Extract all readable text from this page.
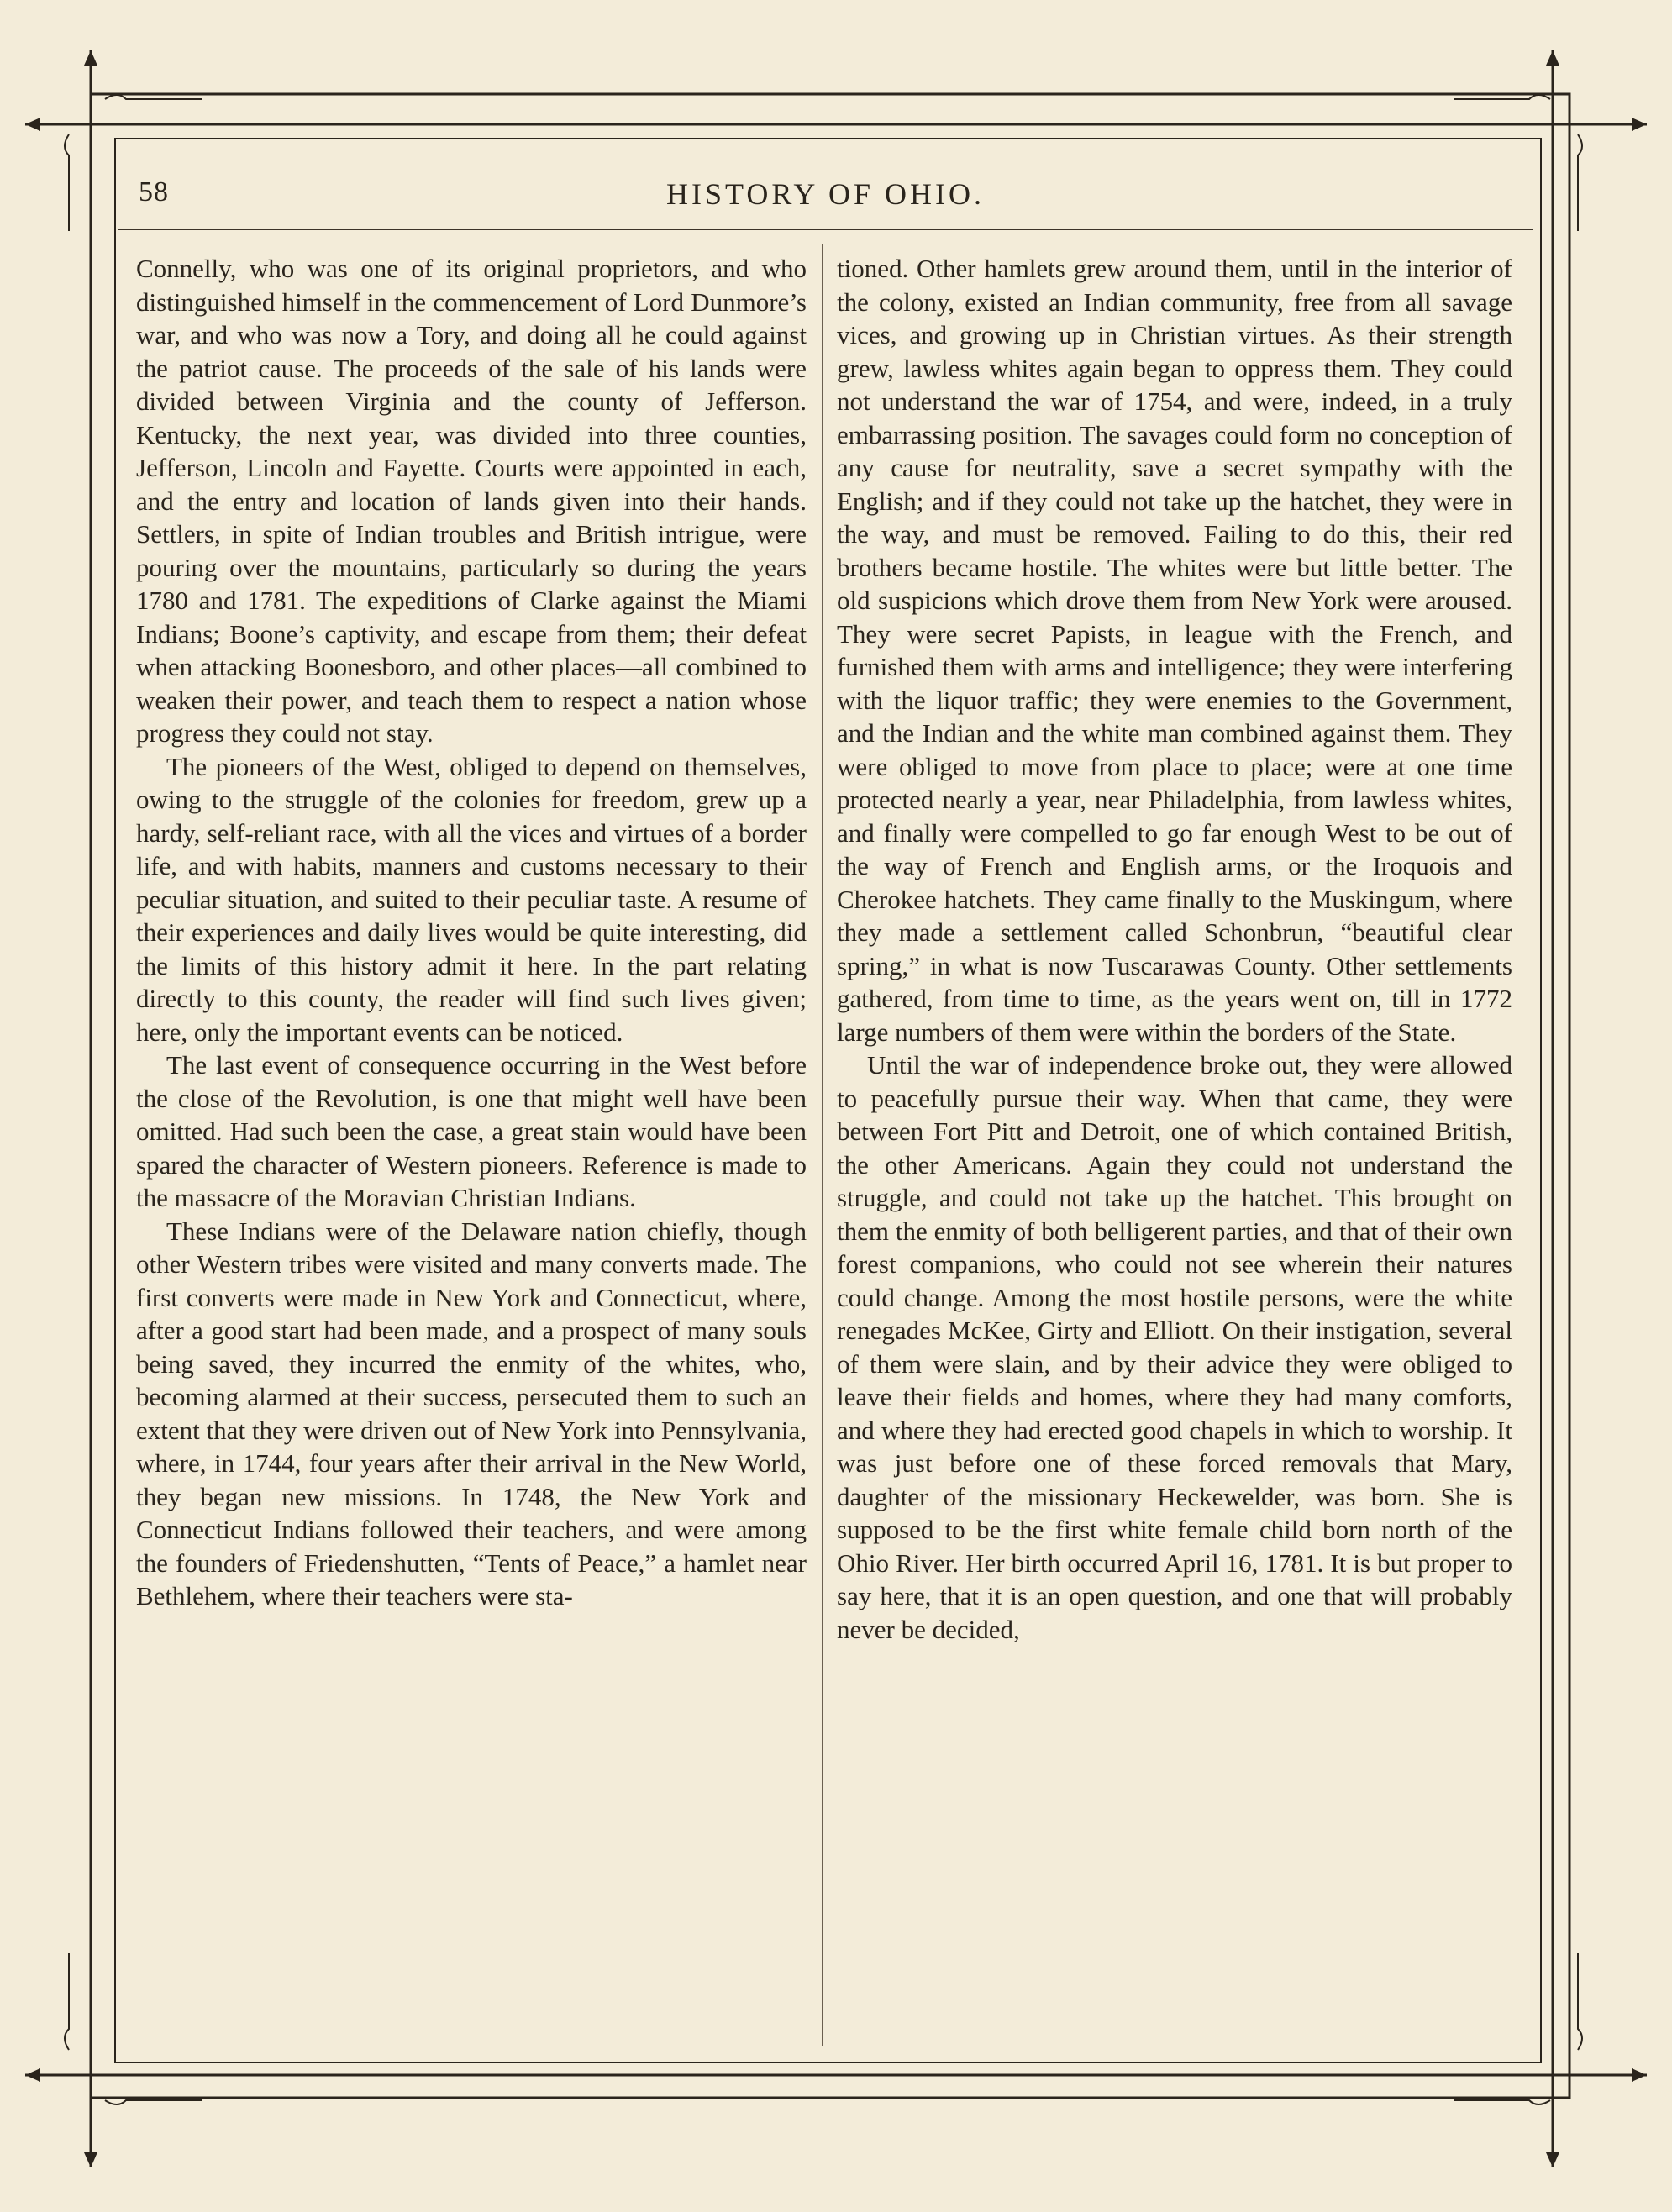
58	HISTORY OF OHIO.

Connelly, who was one of its original proprietors, and who distinguished himself in the commencement of Lord Dunmore’s war, and who was now a Tory, and doing all he could against the patriot cause. The proceeds of the sale of his lands were divided between Virginia and the county of Jefferson. Kentucky, the next year, was divided into three counties, Jefferson, Lincoln and Fayette. Courts were appointed in each, and the entry and location of lands given into their hands. Settlers, in spite of Indian troubles and British intrigue, were pouring over the mountains, particularly so during the years 1780 and 1781. The expeditions of Clarke against the Miami Indians; Boone’s captivity, and escape from them; their defeat when attacking Boonesboro, and other places—all combined to weaken their power, and teach them to respect a nation whose progress they could not stay.

The pioneers of the West, obliged to depend on themselves, owing to the struggle of the colonies for freedom, grew up a hardy, self-reliant race, with all the vices and virtues of a border life, and with habits, manners and customs necessary to their peculiar situation, and suited to their peculiar taste. A resume of their experiences and daily lives would be quite interesting, did the limits of this history admit it here. In the part relating directly to this county, the reader will find such lives given; here, only the important events can be noticed.

The last event of consequence occurring in the West before the close of the Revolution, is one that might well have been omitted. Had such been the case, a great stain would have been spared the character of Western pioneers. Reference is made to the massacre of the Moravian Christian Indians.

These Indians were of the Delaware nation chiefly, though other Western tribes were visited and many converts made. The first converts were made in New York and Connecticut, where, after a good start had been made, and a prospect of many souls being saved, they incurred the enmity of the whites, who, becoming alarmed at their success, persecuted them to such an extent that they were driven out of New York into Pennsylvania, where, in 1744, four years after their arrival in the New World, they began new missions. In 1748, the New York and Connecticut Indians followed their teachers, and were among the founders of Friedenshutten, “Tents of Peace,” a hamlet near Bethlehem, where their teachers were sta-

tioned. Other hamlets grew around them, until in the interior of the colony, existed an Indian community, free from all savage vices, and growing up in Christian virtues. As their strength grew, lawless whites again began to oppress them. They could not understand the war of 1754, and were, indeed, in a truly embarrassing position. The savages could form no conception of any cause for neutrality, save a secret sympathy with the English; and if they could not take up the hatchet, they were in the way, and must be removed. Failing to do this, their red brothers became hostile. The whites were but little better. The old suspicions which drove them from New York were aroused. They were secret Papists, in league with the French, and furnished them with arms and intelligence; they were interfering with the liquor traffic; they were enemies to the Government, and the Indian and the white man combined against them. They were obliged to move from place to place; were at one time protected nearly a year, near Philadelphia, from lawless whites, and finally were compelled to go far enough West to be out of the way of French and English arms, or the Iroquois and Cherokee hatchets. They came finally to the Muskingum, where they made a settlement called Schonbrun, “beautiful clear spring,” in what is now Tuscarawas County. Other settlements gathered, from time to time, as the years went on, till in 1772 large numbers of them were within the borders of the State.

Until the war of independence broke out, they were allowed to peacefully pursue their way. When that came, they were between Fort Pitt and Detroit, one of which contained British, the other Americans. Again they could not understand the struggle, and could not take up the hatchet. This brought on them the enmity of both belligerent parties, and that of their own forest companions, who could not see wherein their natures could change. Among the most hostile persons, were the white renegades McKee, Girty and Elliott. On their instigation, several of them were slain, and by their advice they were obliged to leave their fields and homes, where they had many comforts, and where they had erected good chapels in which to worship. It was just before one of these forced removals that Mary, daughter of the missionary Heckewelder, was born. She is supposed to be the first white female child born north of the Ohio River. Her birth occurred April 16, 1781. It is but proper to say here, that it is an open question, and one that will probably never be decided,
